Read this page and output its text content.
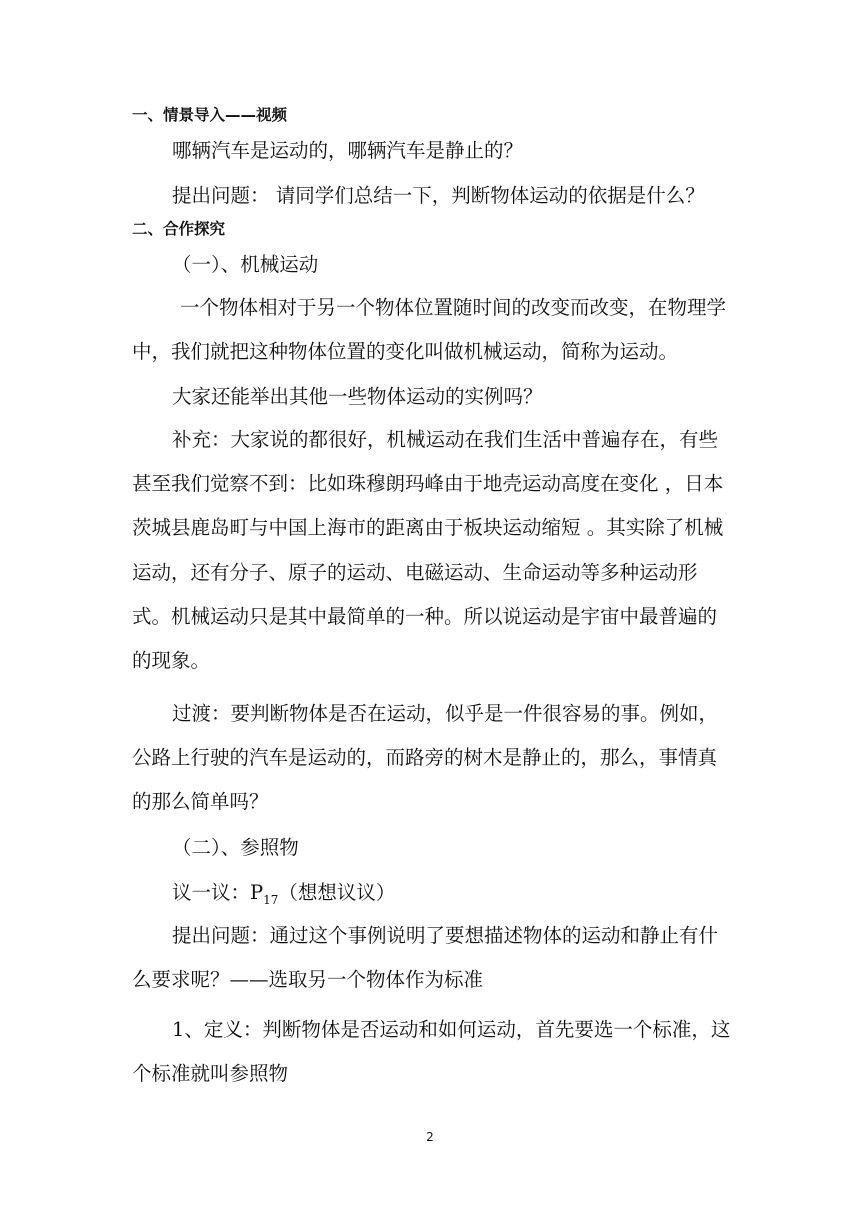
一、情景导入——视频
哪辆汽车是运动的，哪辆汽车是静止的？
提出问题： 请同学们总结一下，判断物体运动的依据是什么？
二、合作探究
（一）、机械运动

一个物体相对于另一个物体位置随时间的改变而改变，在物理学中，我们就把这种物体位置的变化叫做机械运动，简称为运动。

大家还能举出其他一些物体运动的实例吗？

补充：大家说的都很好，机械运动在我们生活中普遍存在，有些甚至我们觉察不到：比如珠穆朗玛峰由于地壳运动高度在变化 ，日本茨城县鹿岛町与中国上海市的距离由于板块运动缩短 。其实除了机械运动，还有分子、原子的运动、电磁运动、生命运动等多种运动形式。机械运动只是其中最简单的一种。所以说运动是宇宙中最普遍的的现象。

过渡：要判断物体是否在运动，似乎是一件很容易的事。例如，公路上行驶的汽车是运动的，而路旁的树木是静止的，那么，事情真的那么简单吗？

（二）、参照物
议一议：$P_{17}$（想想议议）

提出问题：通过这个事例说明了要想描述物体的运动和静止有什么要求呢？——选取另一个物体作为标准

1、定义：判断物体是否运动和如何运动，首先要选一个标准，这个标准就叫参照物

2
